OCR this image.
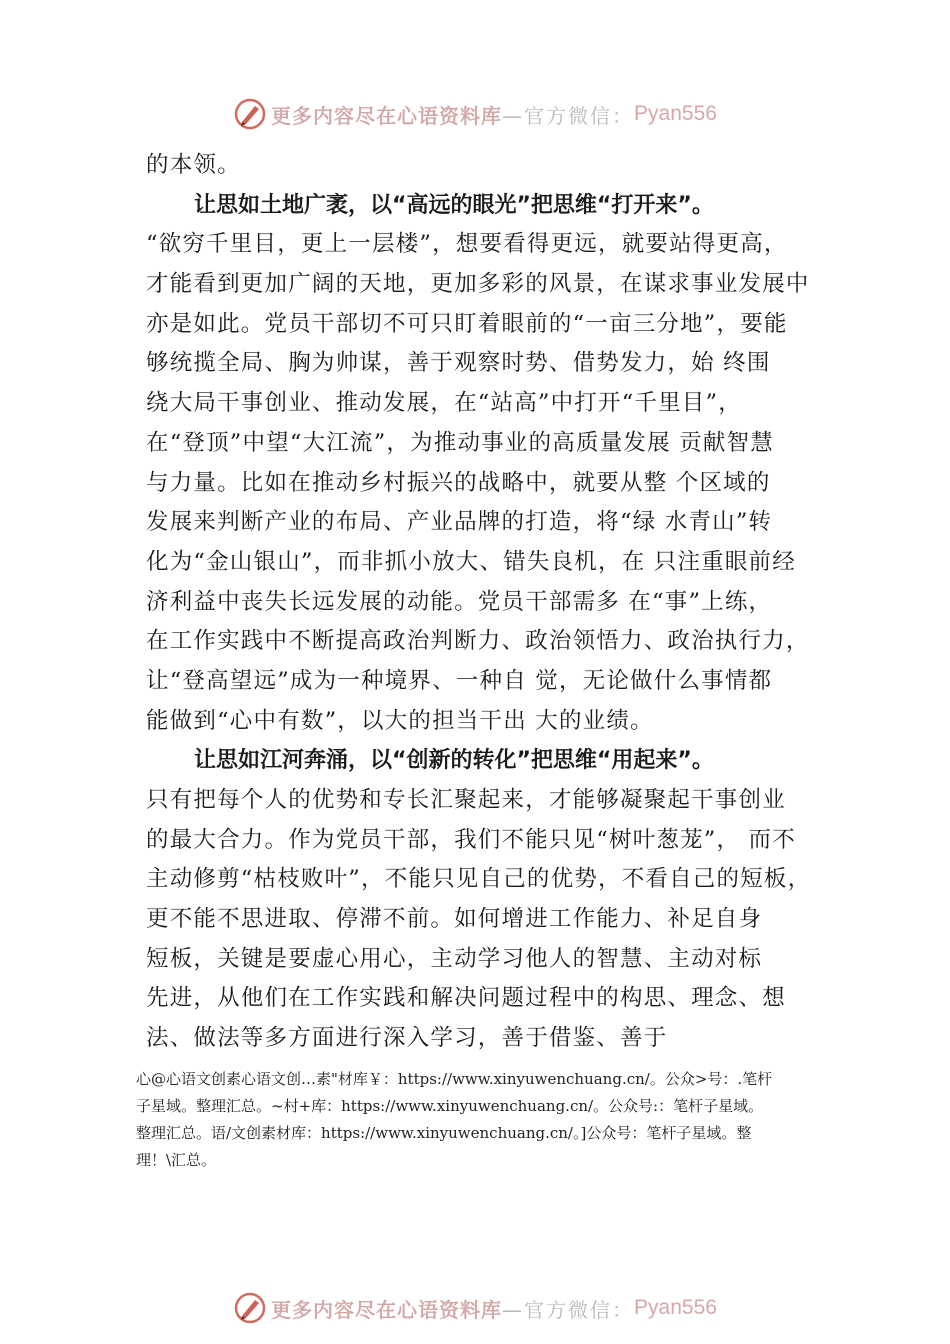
更多内容尽在心语资料库 —官方微信： Pyan556
的本领。
让思如土地广袤，以“高远的眼光”把思维“打开来”。
“欲穷千里目，更上一层楼”，想要看得更远，就要站得更高，
才能看到更加广阔的天地，更加多彩的风景，在谋求事业发展中
亦是如此。党员干部切不可只盯着眼前的“一亩三分地”，要能
够统揽全局、胸为帅谋，善于观察时势、借势发力，始 终围
绕大局干事创业、推动发展，在“站高”中打开“千里目”，
在“登顶”中望“大江流”，为推动事业的高质量发展 贡献智慧
与力量。比如在推动乡村振兴的战略中，就要从整 个区域的
发展来判断产业的布局、产业品牌的打造，将“绿 水青山”转
化为“金山银山”，而非抓小放大、错失良机，在 只注重眼前经
济利益中丧失长远发展的动能。党员干部需多 在“事”上练，
在工作实践中不断提高政治判断力、政治领悟力、政治执行力，
让“登高望远”成为一种境界、一种自 觉，无论做什么事情都
能做到“心中有数”，以大的担当干出 大的业绩。
让思如江河奔涌，以“创新的转化”把思维“用起来”。
只有把每个人的优势和专长汇聚起来，才能够凝聚起干事创业
的最大合力。作为党员干部，我们不能只见“树叶葱茏”， 而不
主动修剪“枯枝败叶”，不能只见自己的优势，不看自己的短板，
更不能不思进取、停滞不前。如何增进工作能力、补足自身
短板，关键是要虚心用心，主动学习他人的智慧、主动对标
先进，从他们在工作实践和解决问题过程中的构思、理念、想
法、做法等多方面进行深入学习，善于借鉴、善于
心@心语文创素心语文创…素"材库￥：https://www.xinyuwenchuang.cn/。公众>号：.笔杆
子星域。整理汇总。~村+库：https://www.xinyuwenchuang.cn/。公众号:：笔杆子星域。
整理汇总。语/文创素材库：https://www.xinyuwenchuang.cn/。]公众号：笔杆子星域。整
理！\汇总。
更多内容尽在心语资料库 —官方微信： Pyan556
